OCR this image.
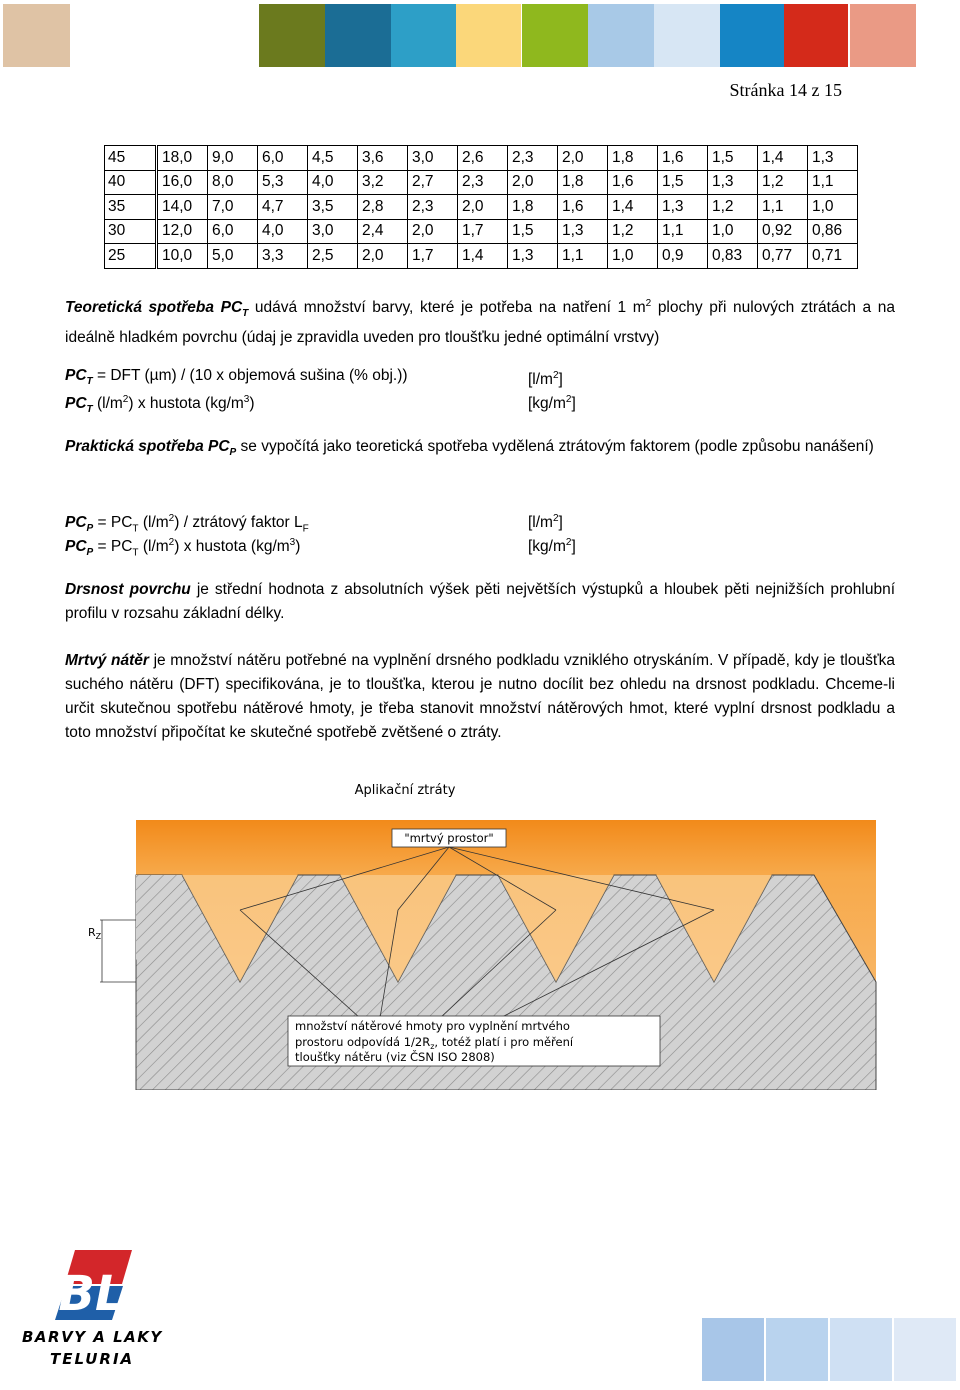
Stránka 14 z 15
45	18,0	9,0	6,0	4,5	3,6	3,0	2,6	2,3	2,0	1,8	1,6	1,5	1,4	1,3
40	16,0	8,0	5,3	4,0	3,2	2,7	2,3	2,0	1,8	1,6	1,5	1,3	1,2	1,1
35	14,0	7,0	4,7	3,5	2,8	2,3	2,0	1,8	1,6	1,4	1,3	1,2	1,1	1,0
30	12,0	6,0	4,0	3,0	2,4	2,0	1,7	1,5	1,3	1,2	1,1	1,0	0,92	0,86
25	10,0	5,0	3,3	2,5	2,0	1,7	1,4	1,3	1,1	1,0	0,9	0,83	0,77	0,71

Teoretická spotřeba $PC_T$ udává množství barvy, které je potřeba na natření 1 $m^2$ plochy při nulových ztrátách a na ideálně hladkém povrchu (údaj je zpravidla uveden pro tloušťku jedné optimální vrstvy)

$PC_T$ = DFT (µm) / (10 x objemová sušina (% obj.))	$[l/m^2]$
$PC_T$ $(l/m^2)$ x hustota $(kg/m^3)$	$[kg/m^2]$

Praktická spotřeba $PC_P$ se vypočítá jako teoretická spotřeba vydělená ztrátovým faktorem (podle způsobu nanášení)

$PC_P = PC_T$ $(l/m^2)$ / ztrátový faktor $L_F$	$[l/m^2]$
$PC_P = PC_T$ $(l/m^2)$ x hustota $(kg/m^3)$	$[kg/m^2]$

Drsnost povrchu je střední hodnota z absolutních výšek pěti největších výstupků a hloubek pěti nejnižších prohlubní profilu v rozsahu základní délky.

Mrtvý nátěr je množství nátěru potřebné na vyplnění drsného podkladu vzniklého otryskáním. V případě, kdy je tloušťka suchého nátěru (DFT) specifikována, je to tloušťka, kterou je nutno docílit bez ohledu na drsnost podkladu. Chceme-li určit skutečnou spotřebu nátěrové hmoty, je třeba stanovit množství nátěrových hmot, které vyplní drsnost podkladu a toto množství připočítat ke skutečné spotřebě zvětšené o ztráty.

Aplikační ztráty
"mrtvý prostor"
$R_Z$
množství nátěrové hmoty pro vyplnění mrtvého
prostoru odpovídá $1/2R_z$, totéž platí i pro měření
tloušťky nátěru (viz ČSN ISO 2808)
BL
BARVY A LAKY
TELURIA
